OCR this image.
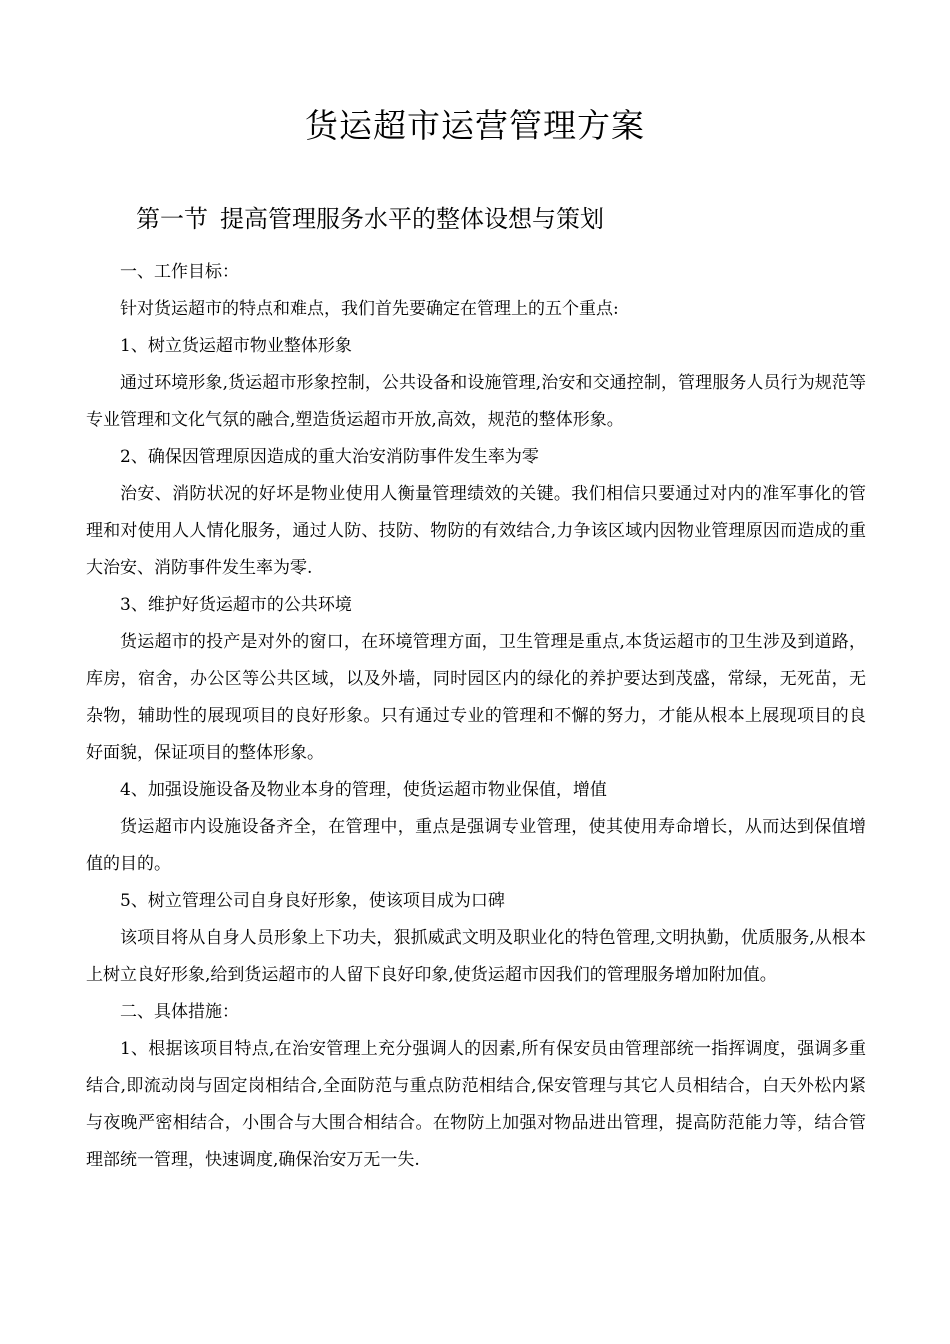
货运超市运营管理方案
第一节 提高管理服务水平的整体设想与策划

一、工作目标：

针对货运超市的特点和难点，我们首先要确定在管理上的五个重点:

1、树立货运超市物业整体形象

通过环境形象,货运超市形象控制，公共设备和设施管理,治安和交通控制，管理服务人员行为规范等专业管理和文化气氛的融合,塑造货运超市开放,高效，规范的整体形象。

2、确保因管理原因造成的重大治安消防事件发生率为零

治安、消防状况的好坏是物业使用人衡量管理绩效的关键。我们相信只要通过对内的准军事化的管理和对使用人人情化服务，通过人防、技防、物防的有效结合,力争该区域内因物业管理原因而造成的重大治安、消防事件发生率为零.

3、维护好货运超市的公共环境

货运超市的投产是对外的窗口，在环境管理方面，卫生管理是重点,本货运超市的卫生涉及到道路，库房，宿舍，办公区等公共区域，以及外墙，同时园区内的绿化的养护要达到茂盛，常绿，无死苗，无杂物，辅助性的展现项目的良好形象。只有通过专业的管理和不懈的努力，才能从根本上展现项目的良好面貌，保证项目的整体形象。

4、加强设施设备及物业本身的管理，使货运超市物业保值，增值

货运超市内设施设备齐全，在管理中，重点是强调专业管理，使其使用寿命增长，从而达到保值增值的目的。

5、树立管理公司自身良好形象，使该项目成为口碑

该项目将从自身人员形象上下功夫，狠抓威武文明及职业化的特色管理,文明执勤，优质服务,从根本上树立良好形象,给到货运超市的人留下良好印象,使货运超市因我们的管理服务增加附加值。

二、具体措施：

1、根据该项目特点,在治安管理上充分强调人的因素,所有保安员由管理部统一指挥调度，强调多重结合,即流动岗与固定岗相结合,全面防范与重点防范相结合,保安管理与其它人员相结合，白天外松内紧与夜晚严密相结合，小围合与大围合相结合。在物防上加强对物品进出管理，提高防范能力等，结合管理部统一管理，快速调度,确保治安万无一失.
